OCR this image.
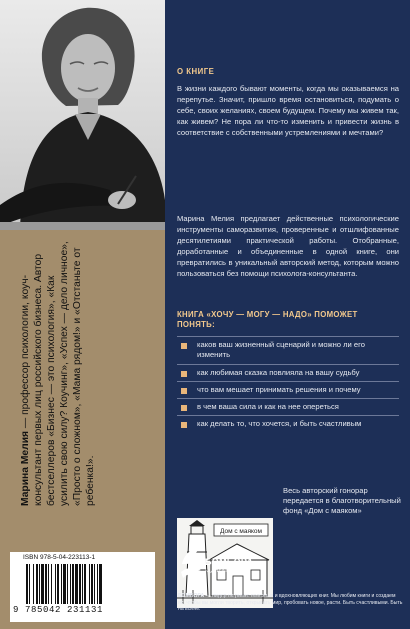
Марина Мелия — профессор психологии, коуч-консультант первых лиц российского бизнеса. Автор бестселлеров «Бизнес — это психология», «Как усилить свою силу? Коучинг», «Успех — дело личное», «Просто о сложном», «Мама рядом!» и «Отстаньте от ребенка!».
ISBN 978-5-04-223113-1
9 785042 231131
О КНИГЕ

В жизни каждого бывают моменты, когда мы оказываемся на перепутье. Значит, пришло время остановиться, подумать о себе, своих желаниях, своем будущем. Почему мы живем так, как живем? Не пора ли что-то изменить и привести жизнь в соответствие с собственными устремлениями и мечтами?

Марина Мелия предлагает действенные психологические инструменты саморазвития, проверенные и отшлифованные десятилетиями практической работы. Отобранные, доработанные и объединенные в одной книге, они превратились в уникальный авторский метод, которым можно пользоваться без помощи психолога-консультанта.

КНИГА «ХОЧУ — МОГУ — НАДО» ПОМОЖЕТ ПОНЯТЬ:
каков ваш жизненный сценарий и можно ли его изменить
как любимая сказка повлияла на вашу судьбу
что вам мешает принимать решения и почему
в чем ваша сила и как на нее опереться
как делать то, что хочется, и быть счастливым
Дом с маяком
Весь авторский гонорар передается в благотворительный фонд «Дом с маяком»
БОМБОРА
ИЗДАТЕЛЬСТВО
БОМБОРА — лидер на рынке полезных и вдохновляющих книг. Мы любим книги и создаем их, чтобы вы могли творить, открывать мир, пробовать новое, расти. Быть счастливыми. Быть на волне.
